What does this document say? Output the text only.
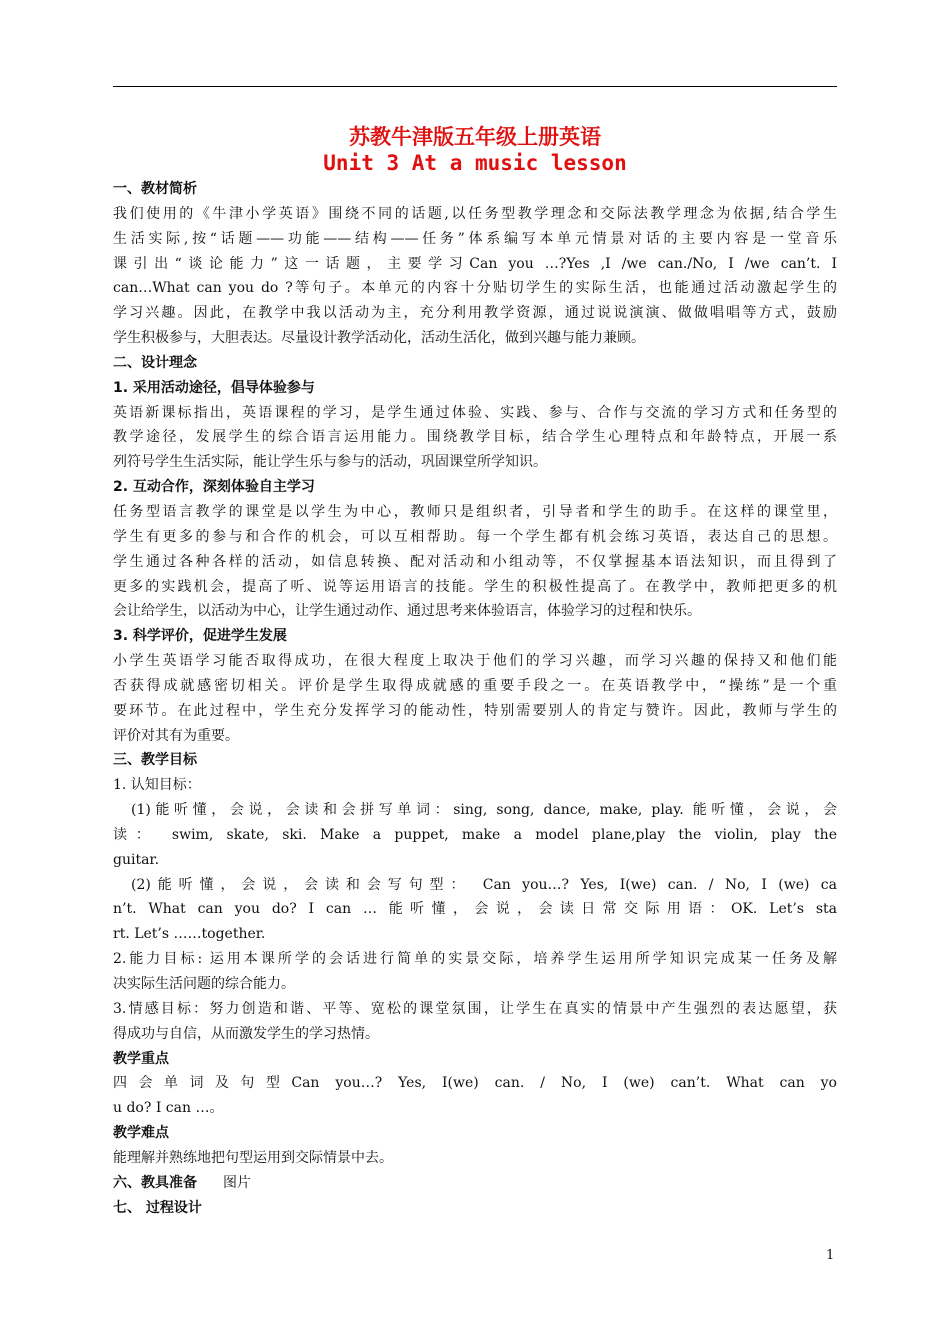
苏教牛津版五年级上册英语
Unit 3 At a music lesson
一、教材简析
我们使用的《牛津小学英语》围绕不同的话题,以任务型教学理念和交际法教学理念为依据,结合学生
生活实际,按“话题——功能——结构——任务”体系编写本单元情景对话的主要内容是一堂音乐
课引出“谈论能力”这一话题，主要学习Can you …?Yes ,I /we can./No, I /we can’t. I
can…What can you do ?等句子。本单元的内容十分贴切学生的实际生活，也能通过活动激起学生的
学习兴趣。因此，在教学中我以活动为主，充分利用教学资源，通过说说演演、做做唱唱等方式，鼓励
学生积极参与，大胆表达。尽量设计教学活动化，活动生活化，做到兴趣与能力兼顾。
二、设计理念
1. 采用活动途径，倡导体验参与
英语新课标指出，英语课程的学习，是学生通过体验、实践、参与、合作与交流的学习方式和任务型的
教学途径，发展学生的综合语言运用能力。围绕教学目标，结合学生心理特点和年龄特点，开展一系
列符号学生生活实际，能让学生乐与参与的活动，巩固课堂所学知识。
2. 互动合作，深刻体验自主学习
任务型语言教学的课堂是以学生为中心，教师只是组织者，引导者和学生的助手。在这样的课堂里，
学生有更多的参与和合作的机会，可以互相帮助。每一个学生都有机会练习英语，表达自己的思想。
学生通过各种各样的活动，如信息转换、配对活动和小组动等，不仅掌握基本语法知识，而且得到了
更多的实践机会，提高了听、说等运用语言的技能。学生的积极性提高了。在教学中，教师把更多的机
会让给学生，以活动为中心，让学生通过动作、通过思考来体验语言，体验学习的过程和快乐。
3. 科学评价，促进学生发展
小学生英语学习能否取得成功，在很大程度上取决于他们的学习兴趣，而学习兴趣的保持又和他们能
否获得成就感密切相关。评价是学生取得成就感的重要手段之一。在英语教学中，“操练”是一个重
要环节。在此过程中，学生充分发挥学习的能动性，特别需要别人的肯定与赞许。因此，教师与学生的
评价对其有为重要。
三、教学目标
1. 认知目标：
(1)能听懂，会说，会读和会拼写单词：sing, song, dance, make, play. 能听懂，会说，会
读： swim, skate, ski. Make a puppet, make a model plane,play the violin, play the
guitar.
(2)能听懂，会说，会读和会写句型： Can you…? Yes, I(we) can. / No, I (we) ca
n’t. What can you do? I can … 能听懂，会说，会读日常交际用语：OK. Let’s sta
rt. Let’s ……together.
2.能力目标: 运用本课所学的会话进行简单的实景交际，培养学生运用所学知识完成某一任务及解
决实际生活问题的综合能力。
3.情感目标：努力创造和谐、平等、宽松的课堂氛围，让学生在真实的情景中产生强烈的表达愿望，获
得成功与自信，从而激发学生的学习热情。
教学重点
四会单词及句型Can you…? Yes, I(we) can. / No, I (we) can’t. What can yo
u do? I can …。
教学难点
能理解并熟练地把句型运用到交际情景中去。
六、教具准备 图片
七、 过程设计
1
